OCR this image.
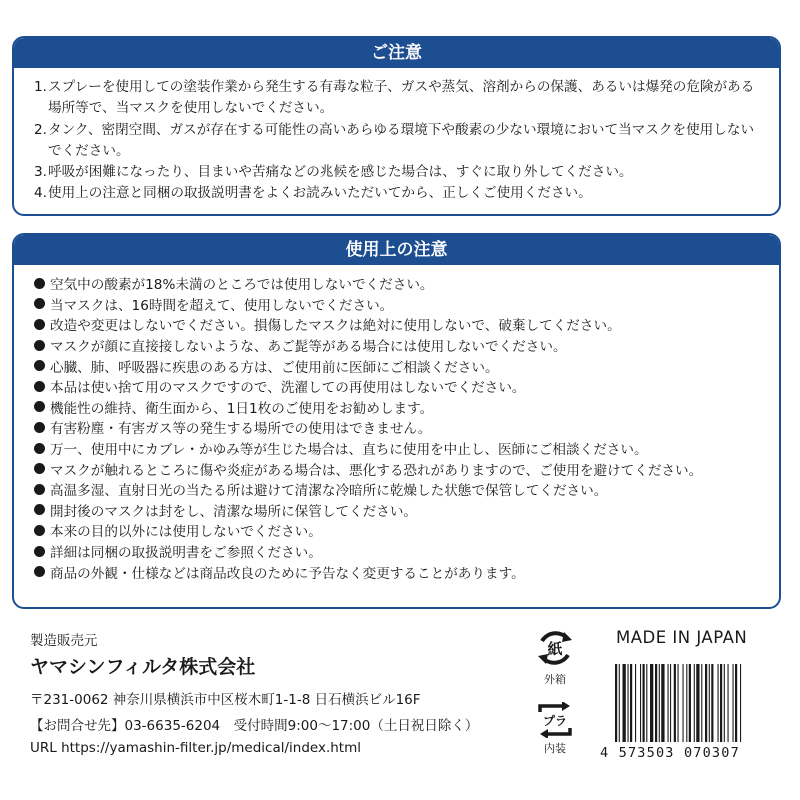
ご注意
1. スプレーを使用しての塗装作業から発生する有毒な粒子、ガスや蒸気、溶剤からの保護、あるいは爆発の危険がある場所等で、当マスクを使用しないでください。
2. タンク、密閉空間、ガスが存在する可能性の高いあらゆる環境下や酸素の少ない環境において当マスクを使用しないでください。
3. 呼吸が困難になったり、目まいや苦痛などの兆候を感じた場合は、すぐに取り外してください。
4. 使用上の注意と同梱の取扱説明書をよくお読みいただいてから、正しくご使用ください。
使用上の注意
空気中の酸素が18%未満のところでは使用しないでください。
当マスクは、16時間を超えて、使用しないでください。
改造や変更はしないでください。損傷したマスクは絶対に使用しないで、破棄してください。
マスクが顔に直接接しないような、あご髭等がある場合には使用しないでください。
心臓、肺、呼吸器に疾患のある方は、ご使用前に医師にご相談ください。
本品は使い捨て用のマスクですので、洗濯しての再使用はしないでください。
機能性の維持、衛生面から、1日1枚のご使用をお勧めします。
有害粉塵・有害ガス等の発生する場所での使用はできません。
万一、使用中にカブレ・かゆみ等が生じた場合は、直ちに使用を中止し、医師にご相談ください。
マスクが触れるところに傷や炎症がある場合は、悪化する恐れがありますので、ご使用を避けてください。
高温多湿、直射日光の当たる所は避けて清潔な冷暗所に乾燥した状態で保管してください。
開封後のマスクは封をし、清潔な場所に保管してください。
本来の目的以外には使用しないでください。
詳細は同梱の取扱説明書をご参照ください。
商品の外観・仕様などは商品改良のために予告なく変更することがあります。
製造販売元
ヤマシンフィルタ株式会社
〒231-0062 神奈川県横浜市中区桜木町1-1-8 日石横浜ビル16F
【お問合せ先】03-6635-6204　受付時間9:00～17:00（土日祝日除く）
URL https://yamashin-filter.jp/medical/index.html
紙
外箱
プラ
内装
MADE IN JAPAN
4 573503 070307
